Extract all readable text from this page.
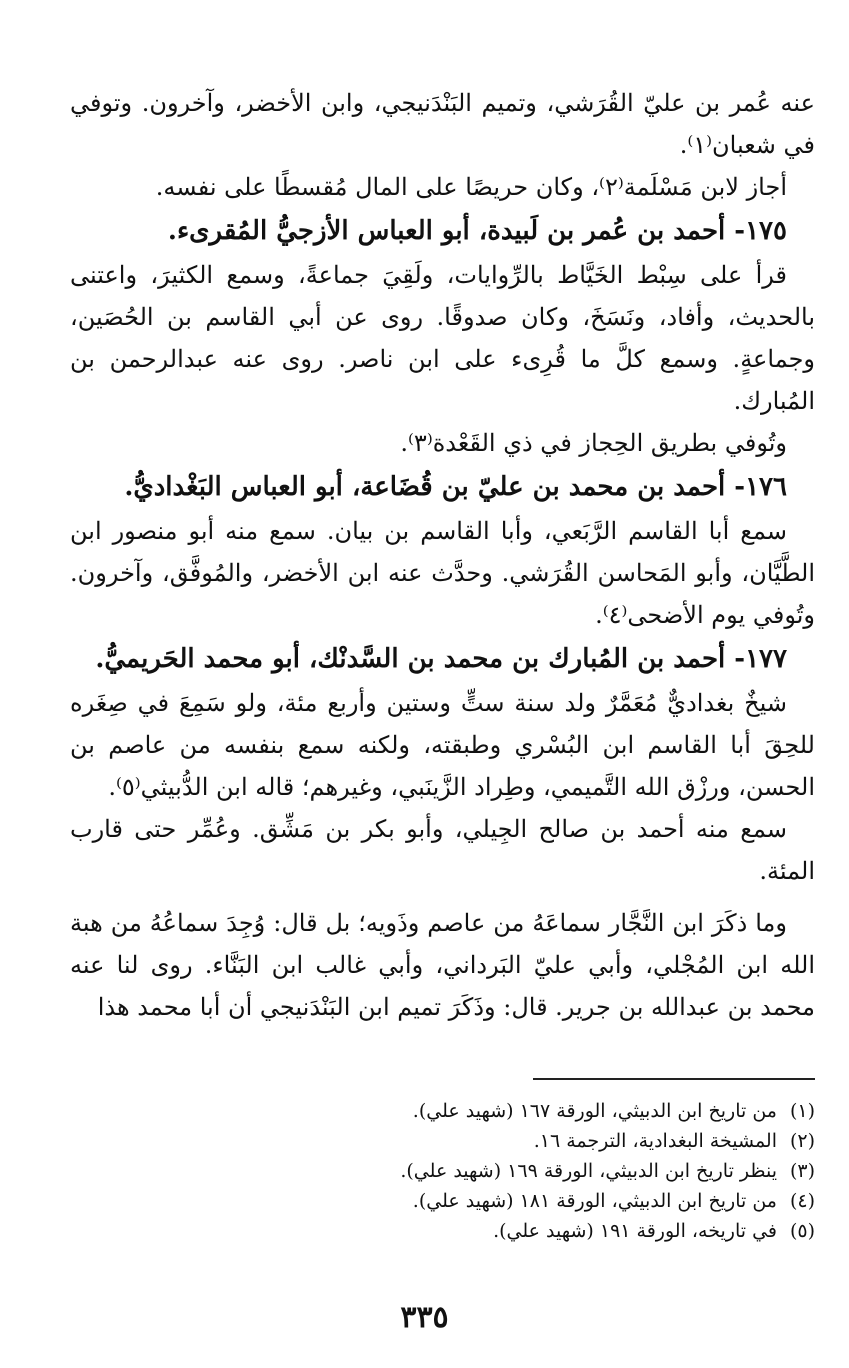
عنه عُمر بن عليّ القُرَشي، وتميم البَنْدَنيجي، وابن الأخضر، وآخرون. وتوفي في شعبان⁽١⁾.

أجاز لابن مَسْلَمة⁽٢⁾، وكان حريصًا على المال مُقسطًا على نفسه.

١٧٥- أحمد بن عُمر بن لَبيدة، أبو العباس الأزجيُّ المُقرىء.

قرأ على سِبْط الخَيَّاط بالرِّوايات، ولَقِيَ جماعةً، وسمع الكثيرَ، واعتنى بالحديث، وأفاد، ونَسَخَ، وكان صدوقًا. روى عن أبي القاسم بن الحُصَين، وجماعةٍ. وسمع كلَّ ما قُرِىء على ابن ناصر. روى عنه عبدالرحمن بن المُبارك.

وتُوفي بطريق الحِجاز في ذي القَعْدة⁽٣⁾.

١٧٦- أحمد بن محمد بن عليّ بن قُضَاعة، أبو العباس البَغْداديُّ.

سمع أبا القاسم الرَّبَعي، وأبا القاسم بن بيان. سمع منه أبو منصور ابن الطَّيَّان، وأبو المَحاسن القُرَشي. وحدَّث عنه ابن الأخضر، والمُوفَّق، وآخرون. وتُوفي يوم الأضحى⁽٤⁾.

١٧٧- أحمد بن المُبارك بن محمد بن السَّدنْك، أبو محمد الحَريميُّ.

شيخٌ بغداديٌّ مُعَمَّرٌ ولد سنة ستٍّ وستين وأربع مئة، ولو سَمِعَ في صِغَره للحِقَ أبا القاسم ابن البُسْري وطبقته، ولكنه سمع بنفسه من عاصم بن الحسن، ورزْق الله التَّميمي، وطِراد الزَّينَبي، وغيرهم؛ قاله ابن الدُّبيثي⁽٥⁾.

سمع منه أحمد بن صالح الجِيلي، وأبو بكر بن مَشِّق. وعُمِّر حتى قارب المئة.

وما ذكَرَ ابن النَّجَّار سماعَهُ من عاصم وذَويه؛ بل قال: وُجِدَ سماعُهُ من هبة الله ابن المُجْلي، وأبي عليّ البَرداني، وأبي غالب ابن البَنَّاء. روى لنا عنه محمد بن عبدالله بن جرير. قال: وذَكَرَ تميم ابن البَنْدَنيجي أن أبا محمد هذا

(١)
من تاريخ ابن الدبيثي، الورقة ١٦٧ (شهيد علي).
(٢)
المشيخة البغدادية، الترجمة ١٦.
(٣)
ينظر تاريخ ابن الدبيثي، الورقة ١٦٩ (شهيد علي).
(٤)
من تاريخ ابن الدبيثي، الورقة ١٨١ (شهيد علي).
(٥)
في تاريخه، الورقة ١٩١ (شهيد علي).
٣٣٥
